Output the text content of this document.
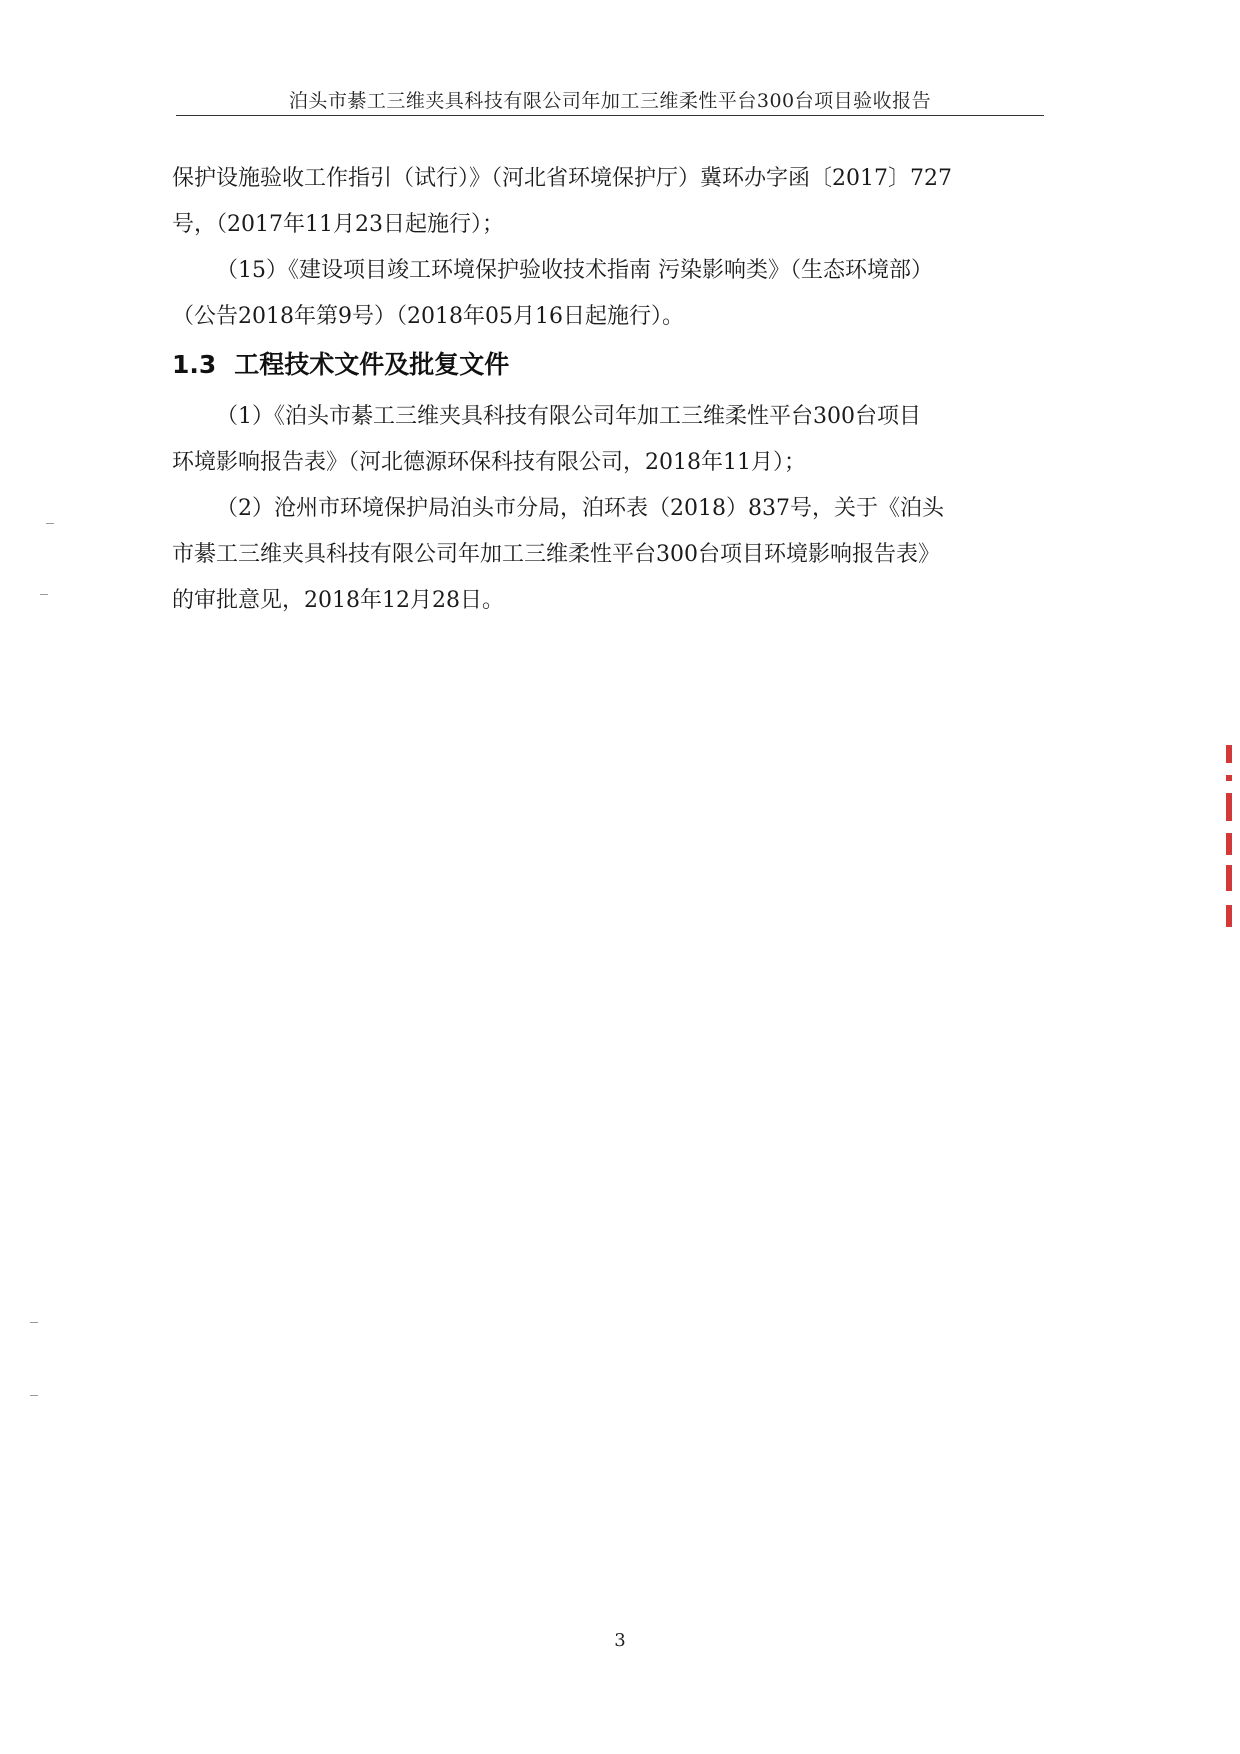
泊头市綦工三维夹具科技有限公司年加工三维柔性平台300台项目验收报告

保护设施验收工作指引（试行）》（河北省环境保护厅）冀环办字函〔2017〕727
号，（2017年11月23日起施行）；

（15）《建设项目竣工环境保护验收技术指南 污染影响类》（生态环境部）
（公告2018年第9号）（2018年05月16日起施行）。

1.3 工程技术文件及批复文件

（1）《泊头市綦工三维夹具科技有限公司年加工三维柔性平台300台项目
环境影响报告表》（河北德源环保科技有限公司，2018年11月）；

（2）沧州市环境保护局泊头市分局，泊环表（2018）837号，关于《泊头
市綦工三维夹具科技有限公司年加工三维柔性平台300台项目环境影响报告表》
的审批意见，2018年12月28日。

3
